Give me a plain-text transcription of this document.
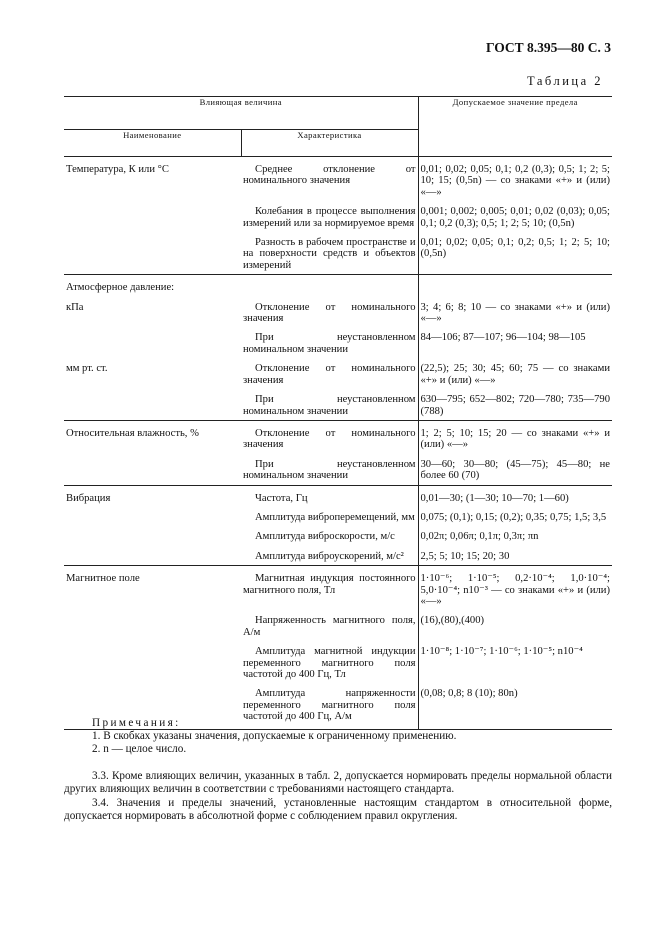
ГОСТ 8.395—80 С. 3
Таблица 2
Влияющая величина		Допускаемое значение предела
Наименование	Характеристика	
Температура, К или °С	Среднее отклонение от номинального значения	0,01; 0,02; 0,05; 0,1; 0,2 (0,3); 0,5; 1; 2; 5; 10; 15; (0,5n) — со знаками «+» и (или) «—»

	Колебания в процессе выполнения измерений или за нормируемое время	0,001; 0,002; 0,005; 0,01; 0,02 (0,03); 0,05; 0,1; 0,2 (0,3); 0,5; 1; 2; 5; 10; (0,5n)

	Разность в рабочем пространстве и на поверхности средств и объектов измерений	0,01; 0,02; 0,05; 0,1; 0,2; 0,5; 1; 2; 5; 10; (0,5n)
Атмосферное давление:		

кПа	Отклонение от номинального значения	3; 4; 6; 8; 10 — со знаками «+» и (или) «—»

	При неустановленном номинальном значении	84—106; 87—107; 96—104; 98—105

мм рт. ст.	Отклонение от номинального значения	(22,5); 25; 30; 45; 60; 75 — со знаками «+» и (или) «—»

	При неустановленном номинальном значении	630—795; 652—802; 720—780; 735—790 (788)
Относительная влажность, %	Отклонение от номинального значения	1; 2; 5; 10; 15; 20 — со знаками «+» и (или) «—»

	При неустановленном номинальном значении	30—60; 30—80; (45—75); 45—80; не более 60 (70)
Вибрация	Частота, Гц	0,01—30; (1—30; 10—70; 1—60)

	Амплитуда виброперемещений, мм	0,075; (0,1); 0,15; (0,2); 0,35; 0,75; 1,5; 3,5

	Амплитуда виброскорости, м/с	0,02π; 0,06π; 0,1π; 0,3π; πn

	Амплитуда виброускорений, м/с²	2,5; 5; 10; 15; 20; 30
Магнитное поле	Магнитная индукция постоянного магнитного поля, Тл	1·10⁻⁶; 1·10⁻⁵; 0,2·10⁻⁴; 1,0·10⁻⁴; 5,0·10⁻⁴; n10⁻³ — со знаками «+» и (или) «—»

	Напряженность магнитного поля, А/м	(16),(80),(400)

	Амплитуда магнитной индукции переменного магнитного поля частотой до 400 Гц, Тл	1·10⁻⁸; 1·10⁻⁷; 1·10⁻⁶; 1·10⁻⁵; n10⁻⁴

	Амплитуда напряженности переменного магнитного поля частотой до 400 Гц, А/м	(0,08; 0,8; 8 (10); 80n)
Примечания:
1. В скобках указаны значения, допускаемые к ограниченному применению.
2. n — целое число.
3.3. Кроме влияющих величин, указанных в табл. 2, допускается нормировать пределы нормальной области других влияющих величин в соответствии с требованиями настоящего стандарта.
3.4. Значения и пределы значений, установленные настоящим стандартом в относительной форме, допускается нормировать в абсолютной форме с соблюдением правил округления.
